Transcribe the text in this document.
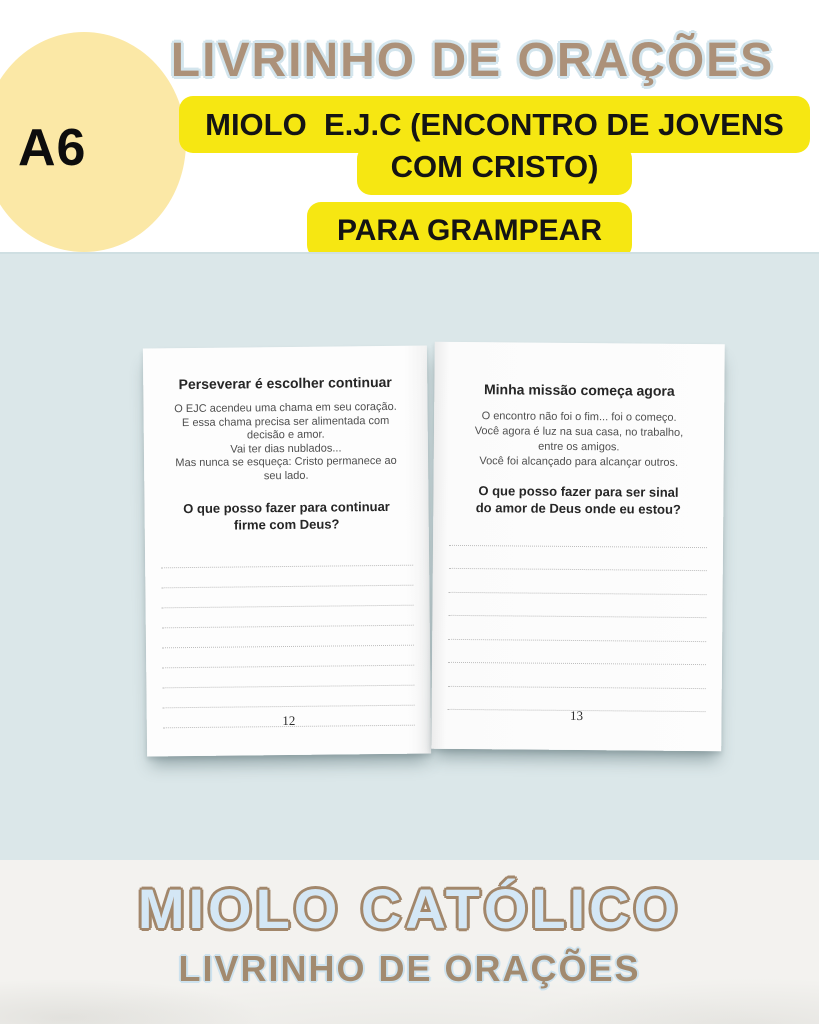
A6
LIVRINHO DE ORAÇÕES
MIOLO  E.J.C (ENCONTRO DE JOVENS
COM CRISTO)
PARA GRAMPEAR
Perseverar é escolher continuar
O EJC acendeu uma chama em seu coração.
E essa chama precisa ser alimentada com
decisão e amor.
Vai ter dias nublados...
Mas nunca se esqueça: Cristo permanece ao
seu lado.
O que posso fazer para continuar
firme com Deus?
12
Minha missão começa agora
O encontro não foi o fim... foi o começo.
Você agora é luz na sua casa, no trabalho,
entre os amigos.
Você foi alcançado para alcançar outros.
O que posso fazer para ser sinal
do amor de Deus onde eu estou?
13
MIOLO CATÓLICO
LIVRINHO DE ORAÇÕES
